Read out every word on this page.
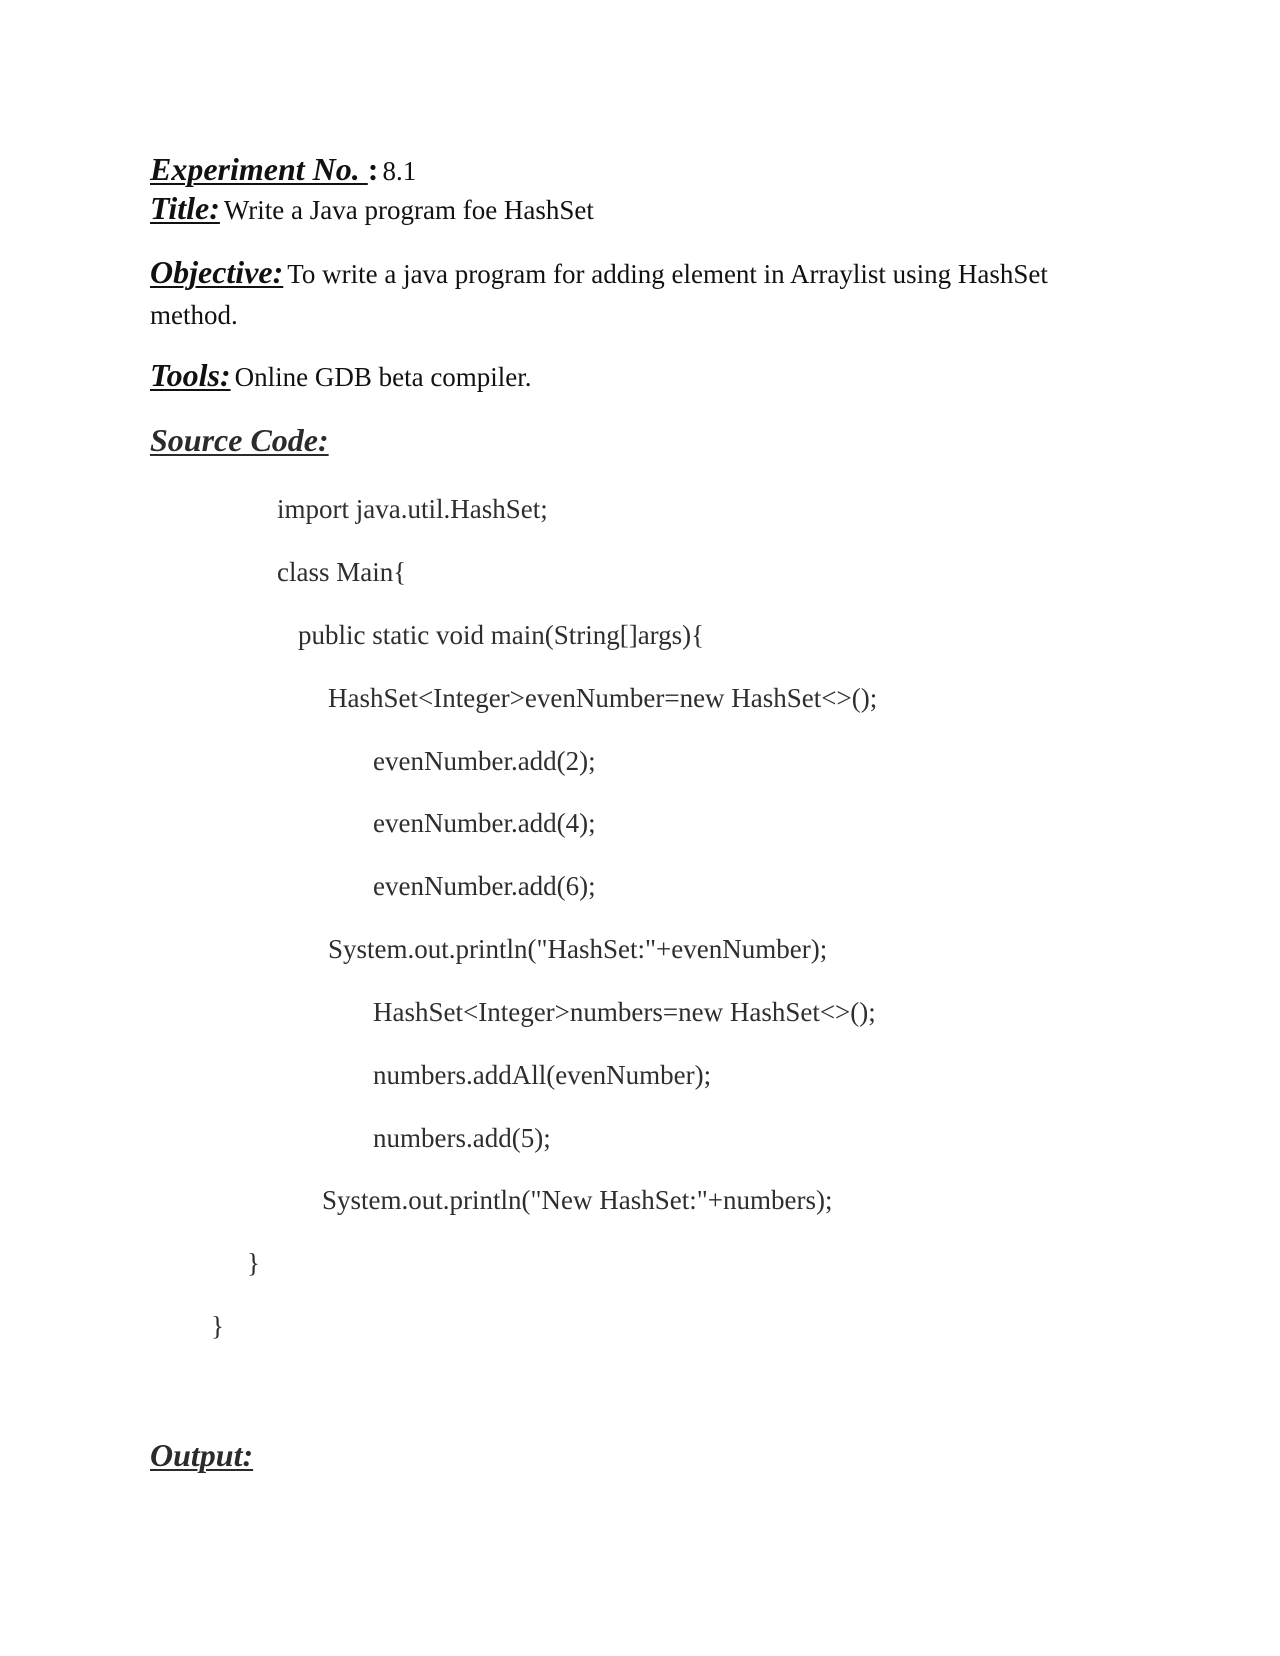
Experiment No. : 8.1
Title: Write a Java program foe HashSet
Objective: To write a java program for adding element in Arraylist using HashSet
method.
Tools: Online GDB beta compiler.
Source Code:
import java.util.HashSet;
class Main{
public static void main(String[]args){
HashSet<Integer>evenNumber=new HashSet<>();
evenNumber.add(2);
evenNumber.add(4);
evenNumber.add(6);
System.out.println("HashSet:"+evenNumber);
HashSet<Integer>numbers=new HashSet<>();
numbers.addAll(evenNumber);
numbers.add(5);
System.out.println("New HashSet:"+numbers);
}
}
Output:
